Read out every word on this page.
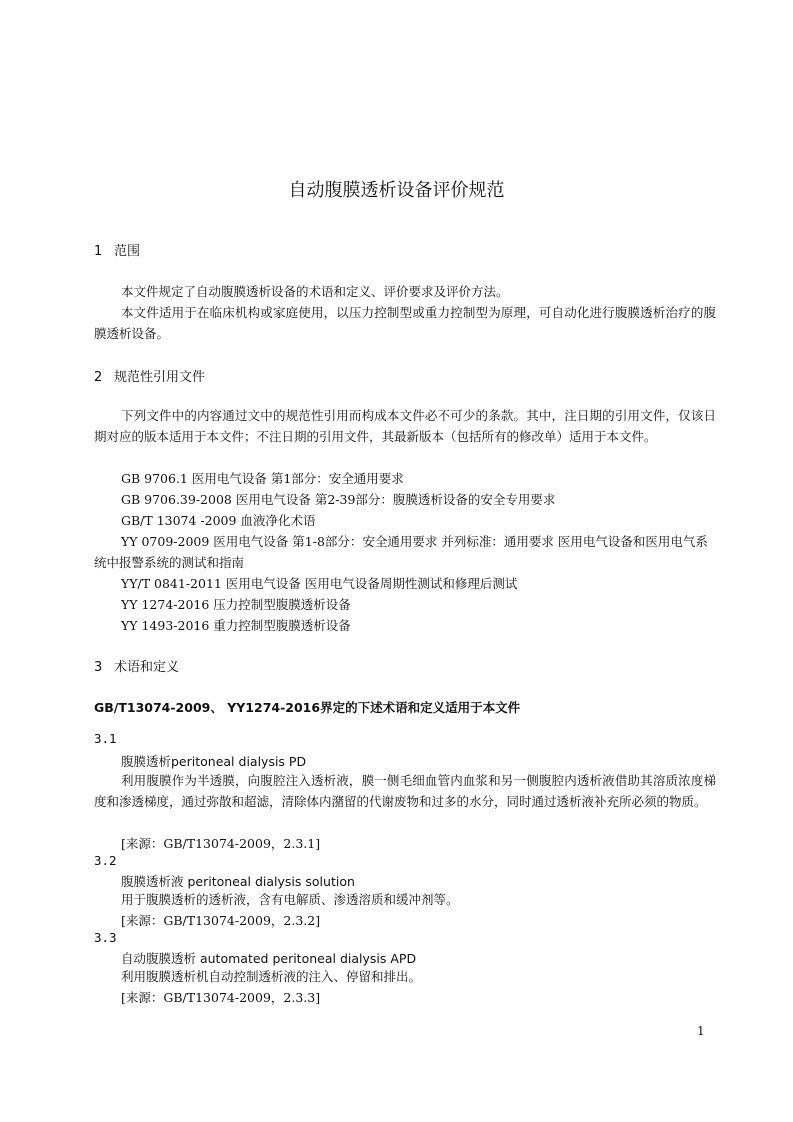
自动腹膜透析设备评价规范
1 范围
本文件规定了自动腹膜透析设备的术语和定义、评价要求及评价方法。
本文件适用于在临床机构或家庭使用，以压力控制型或重力控制型为原理，可自动化进行腹膜透析治疗的腹膜透析设备。
2 规范性引用文件
下列文件中的内容通过文中的规范性引用而构成本文件必不可少的条款。其中，注日期的引用文件，仅该日期对应的版本适用于本文件；不注日期的引用文件，其最新版本（包括所有的修改单）适用于本文件。
GB 9706.1 医用电气设备 第1部分：安全通用要求
GB 9706.39-2008 医用电气设备 第2-39部分：腹膜透析设备的安全专用要求
GB/T 13074 -2009 血液净化术语
YY 0709-2009 医用电气设备 第1-8部分：安全通用要求 并列标准：通用要求 医用电气设备和医用电气系统中报警系统的测试和指南
YY/T 0841-2011 医用电气设备 医用电气设备周期性测试和修理后测试
YY 1274-2016 压力控制型腹膜透析设备
YY 1493-2016 重力控制型腹膜透析设备
3 术语和定义
GB/T13074-2009、 YY1274-2016界定的下述术语和定义适用于本文件
3.1
腹膜透析peritoneal dialysis PD
利用腹膜作为半透膜，向腹腔注入透析液，膜一侧毛细血管内血浆和另一侧腹腔内透析液借助其溶质浓度梯度和渗透梯度，通过弥散和超滤，清除体内潴留的代谢废物和过多的水分，同时通过透析液补充所必须的物质。
[来源：GB/T13074-2009，2.3.1]
3.2
腹膜透析液 peritoneal dialysis solution
用于腹膜透析的透析液，含有电解质、渗透溶质和缓冲剂等。
[来源：GB/T13074-2009，2.3.2]
3.3
自动腹膜透析 automated peritoneal dialysis APD
利用腹膜透析机自动控制透析液的注入、停留和排出。
[来源：GB/T13074-2009，2.3.3]
1
